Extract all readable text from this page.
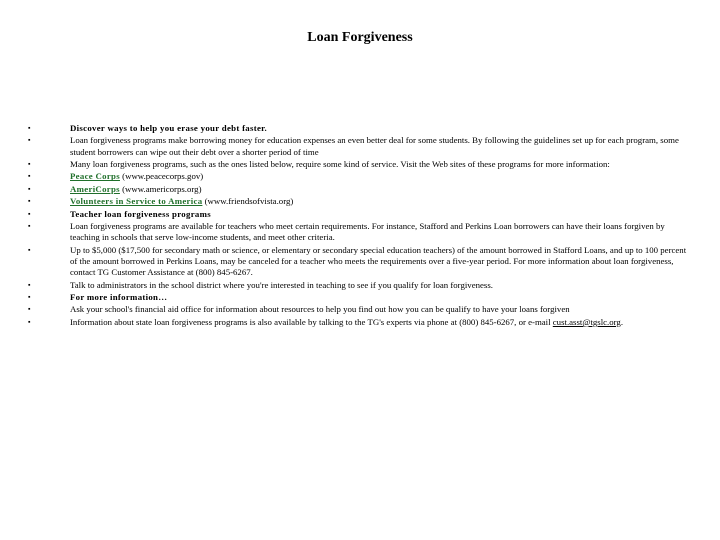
Loan Forgiveness
▪	Discover ways to help you erase your debt faster.
▪	Loan forgiveness programs make borrowing money for education expenses an even better deal for some students. By following the guidelines set up for each program, some student borrowers can wipe out their debt over a shorter period of time
▪	Many loan forgiveness programs, such as the ones listed below, require some kind of service. Visit the Web sites of these programs for more information:
▪	Peace Corps (www.peacecorps.gov)
▪	AmeriCorps (www.americorps.org)
▪	Volunteers in Service to America (www.friendsofvista.org)
▪	Teacher loan forgiveness programs
▪	Loan forgiveness programs are available for teachers who meet certain requirements. For instance, Stafford and Perkins Loan borrowers can have their loans forgiven by teaching in schools that serve low-income students, and meet other criteria.
▪	Up to $5,000 ($17,500 for secondary math or science, or elementary or secondary special education teachers) of the amount borrowed in Stafford Loans, and up to 100 percent of the amount borrowed in Perkins Loans, may be canceled for a teacher who meets the requirements over a five-year period. For more information about loan forgiveness, contact TG Customer Assistance at (800) 845-6267.
▪	Talk to administrators in the school district where you're interested in teaching to see if you qualify for loan forgiveness.
▪	For more information…
▪	Ask your school's financial aid office for information about resources to help you find out how you can be qualify to have your loans forgiven
▪	Information about state loan forgiveness programs is also available by talking to the TG's experts via phone at (800) 845-6267, or e-mail cust.asst@tgslc.org.
